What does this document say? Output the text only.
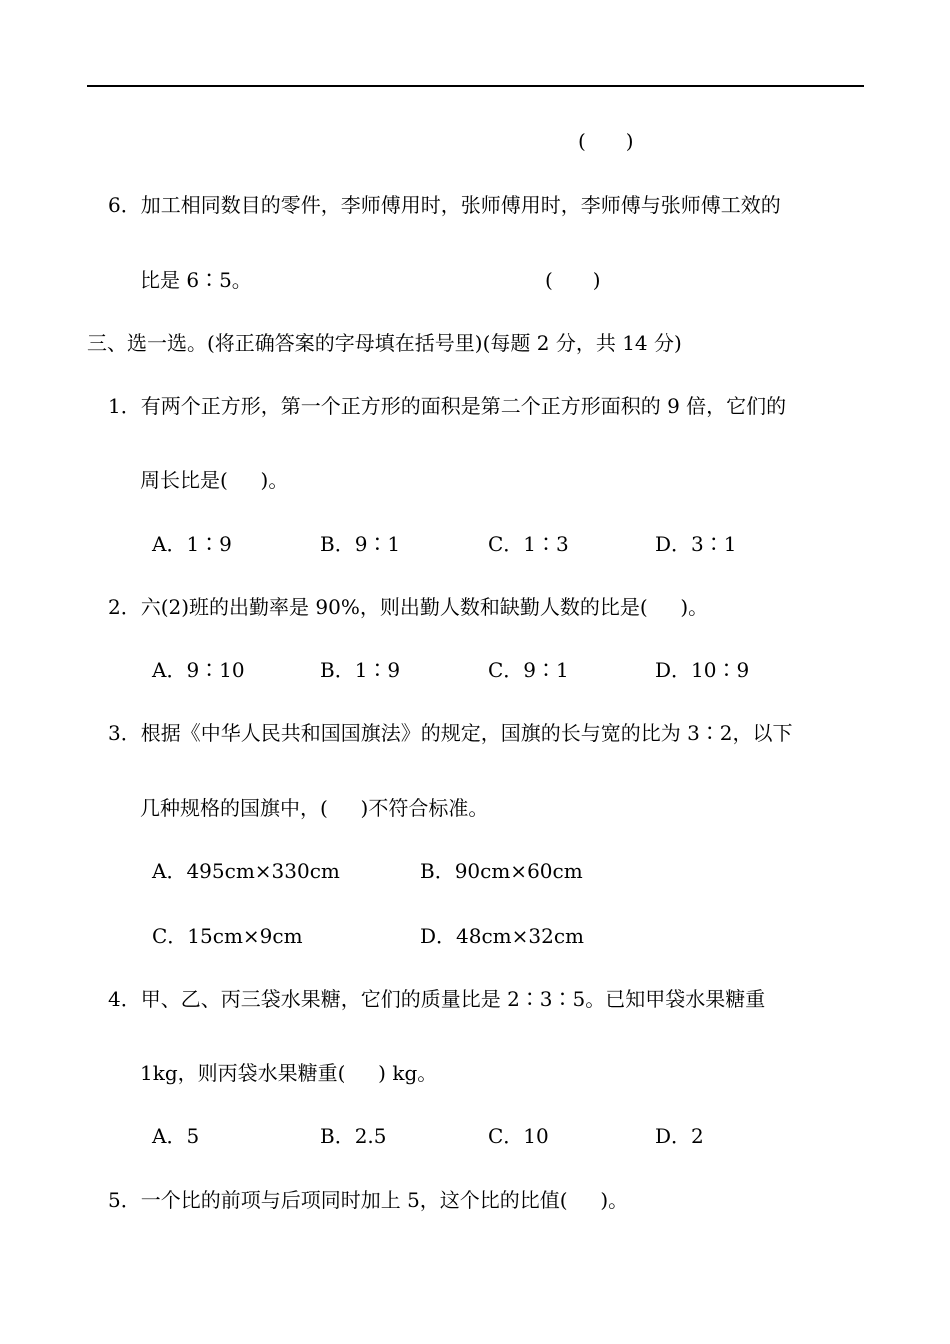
(　　)
6．加工相同数目的零件，李师傅用时，张师傅用时，李师傅与张师傅工效的
比是 6∶5。	(　　)
三、选一选。(将正确答案的字母填在括号里)(每题 2 分，共 14 分)
1．有两个正方形，第一个正方形的面积是第二个正方形面积的 9 倍，它们的
周长比是(　  )。
A．1∶9	B．9∶1	C．1∶3	D．3∶1
2．六(2)班的出勤率是 90%，则出勤人数和缺勤人数的比是(　  )。
A．9∶10	B．1∶9	C．9∶1	D．10∶9
3．根据《中华人民共和国国旗法》的规定，国旗的长与宽的比为 3∶2，以下
几种规格的国旗中，(　  )不符合标准。
A．495cm×330cm	B．90cm×60cm
C．15cm×9cm	D．48cm×32cm
4．甲、乙、丙三袋水果糖，它们的质量比是 2∶3∶5。已知甲袋水果糖重
1kg，则丙袋水果糖重(　  ) kg。
A．5	B．2.5	C．10	D．2
5．一个比的前项与后项同时加上 5，这个比的比值(　  )。
